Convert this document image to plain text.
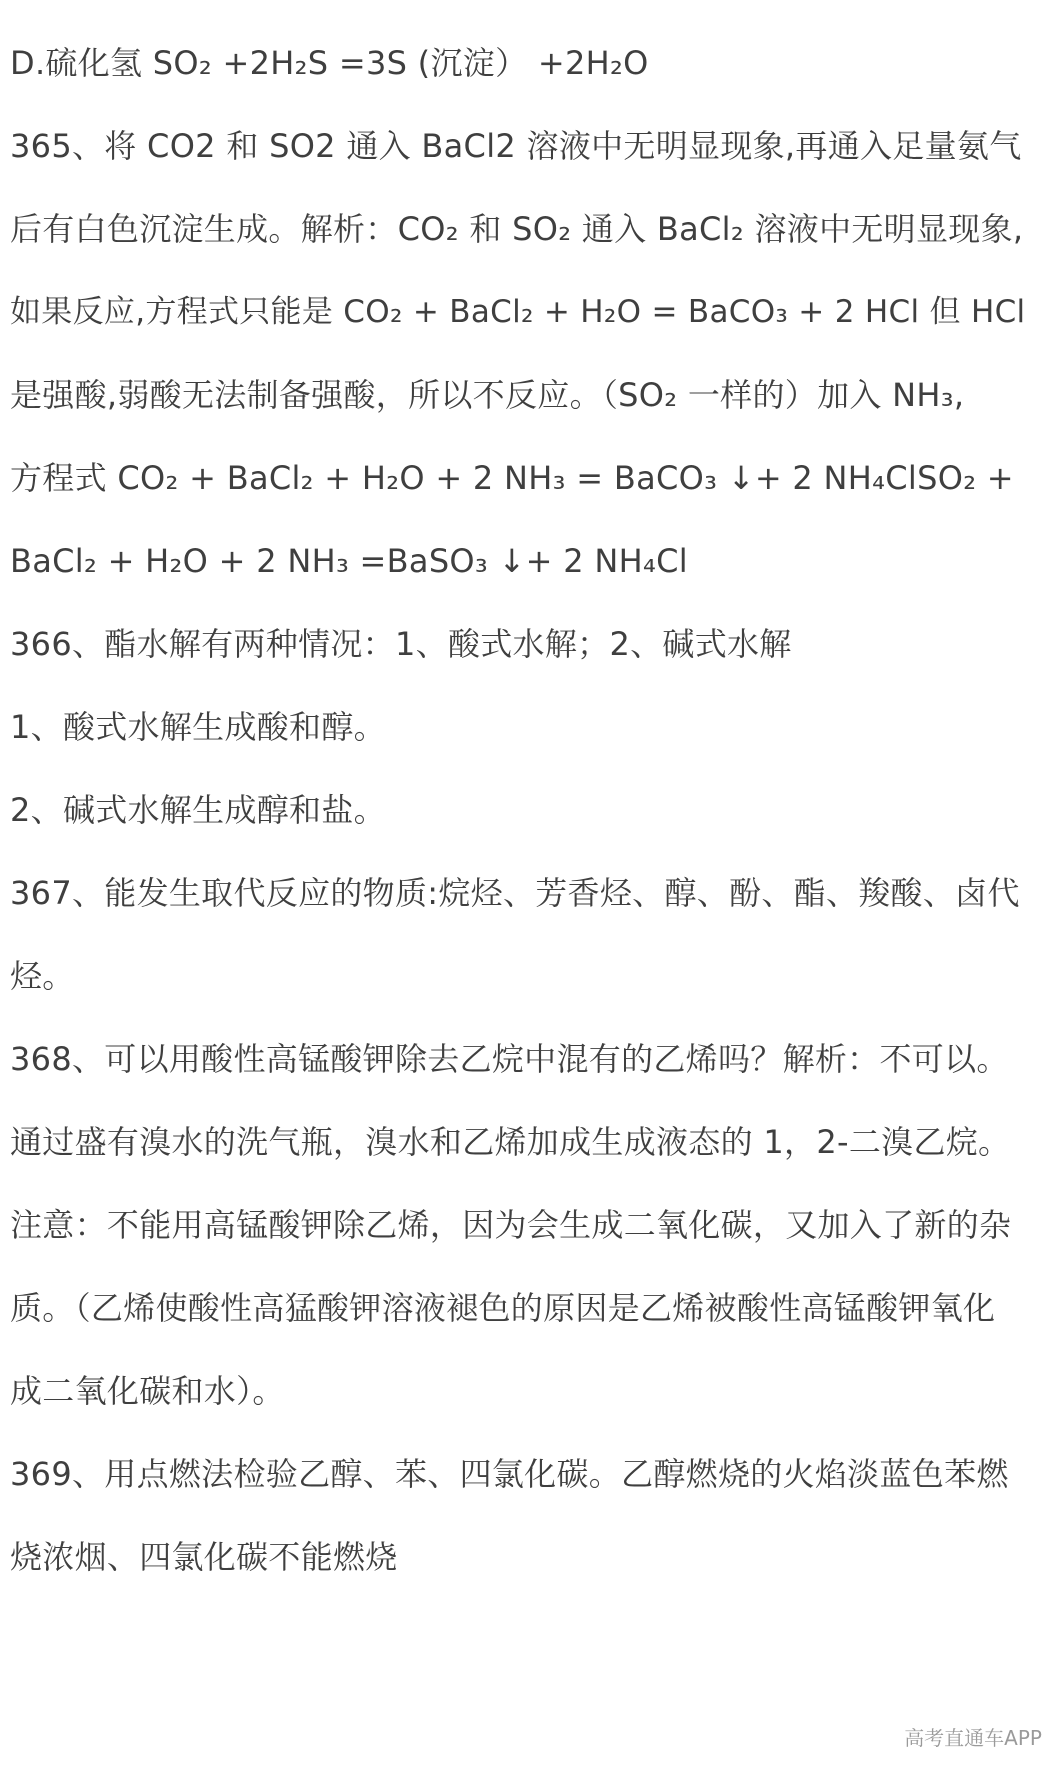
D.硫化氢 SO₂ +2H₂S =3S (沉淀） +2H₂O
365、将 CO2 和 SO2 通入 BaCl2 溶液中无明显现象,再通入足量氨气
后有白色沉淀生成。解析：CO₂ 和 SO₂ 通入 BaCl₂ 溶液中无明显现象,
如果反应,方程式只能是 CO₂ + BaCl₂ + H₂O = BaCO₃ + 2 HCl 但 HCl
是强酸,弱酸无法制备强酸，所以不反应。（SO₂ 一样的）加入 NH₃,
方程式 CO₂ + BaCl₂ + H₂O + 2 NH₃ = BaCO₃ ↓+ 2 NH₄ClSO₂ +
BaCl₂ + H₂O + 2 NH₃ =BaSO₃ ↓+ 2 NH₄Cl
366、酯水解有两种情况：1、酸式水解；2、碱式水解
1、酸式水解生成酸和醇。
2、碱式水解生成醇和盐。
367、能发生取代反应的物质:烷烃、芳香烃、醇、酚、酯、羧酸、卤代
烃。
368、可以用酸性高锰酸钾除去乙烷中混有的乙烯吗？解析：不可以。
通过盛有溴水的洗气瓶，溴水和乙烯加成生成液态的 1，2-二溴乙烷。
注意：不能用高锰酸钾除乙烯，因为会生成二氧化碳，又加入了新的杂
质。（乙烯使酸性高猛酸钾溶液褪色的原因是乙烯被酸性高锰酸钾氧化
成二氧化碳和水）。
369、用点燃法检验乙醇、苯、四氯化碳。乙醇燃烧的火焰淡蓝色苯燃
烧浓烟、四氯化碳不能燃烧
高考直通车APP
